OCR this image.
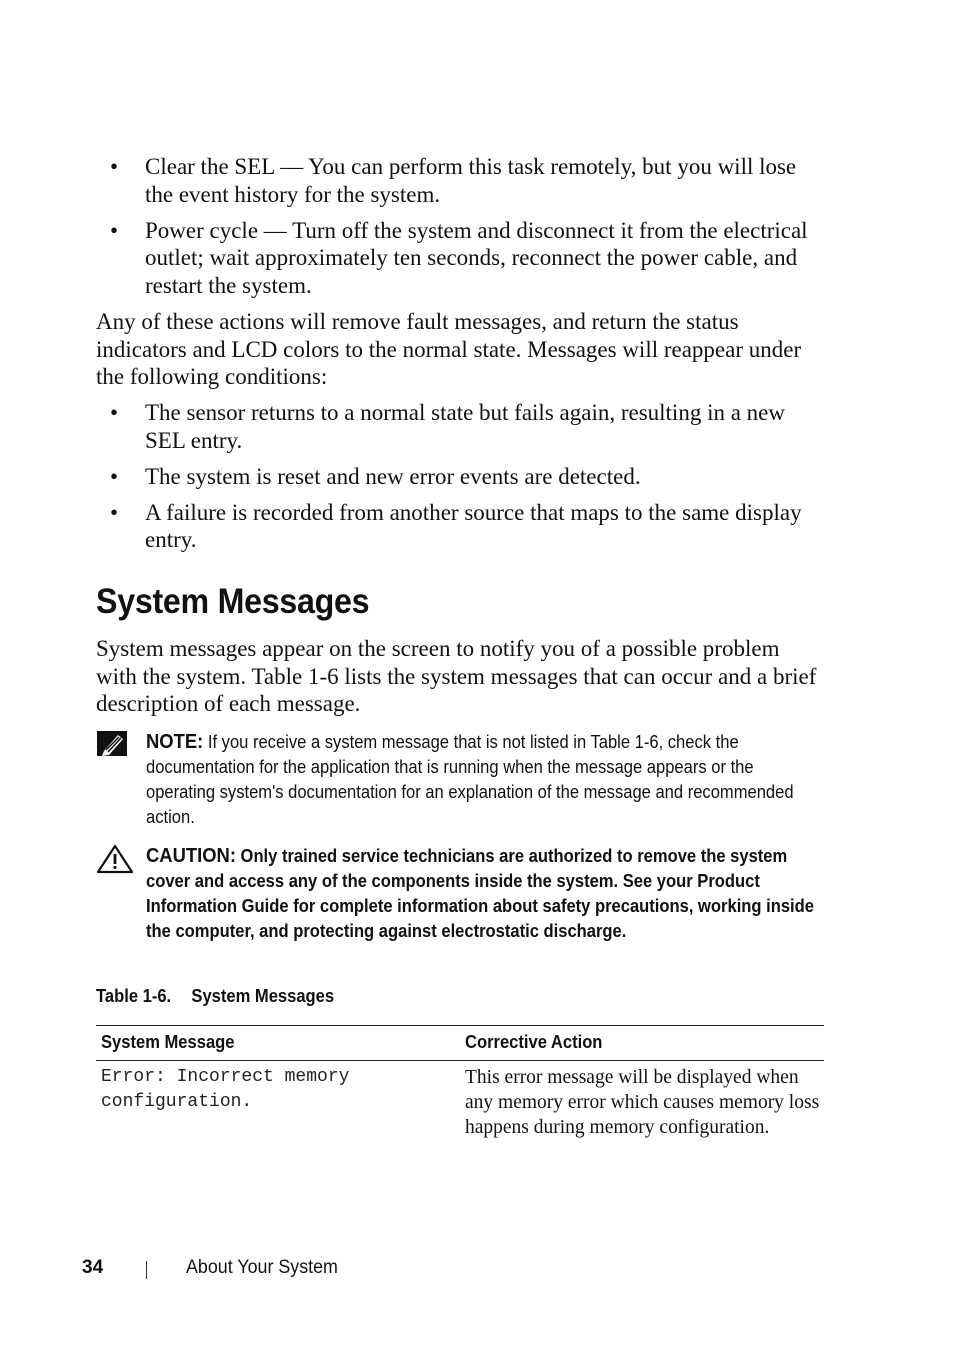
• Clear the SEL — You can perform this task remotely, but you will lose the event history for the system.
• Power cycle — Turn off the system and disconnect it from the electrical outlet; wait approximately ten seconds, reconnect the power cable, and restart the system.

Any of these actions will remove fault messages, and return the status indicators and LCD colors to the normal state. Messages will reappear under the following conditions:

• The sensor returns to a normal state but fails again, resulting in a new SEL entry.
• The system is reset and new error events are detected.
• A failure is recorded from another source that maps to the same display entry.
System Messages

System messages appear on the screen to notify you of a possible problem with the system. Table 1-6 lists the system messages that can occur and a brief description of each message.

NOTE: If you receive a system message that is not listed in Table 1-6, check the documentation for the application that is running when the message appears or the operating system's documentation for an explanation of the message and recommended action.
CAUTION: Only trained service technicians are authorized to remove the system cover and access any of the components inside the system. See your Product Information Guide for complete information about safety precautions, working inside the computer, and protecting against electrostatic discharge.
Table 1-6. System Messages
System Message	Corrective Action
Error: Incorrect memory configuration.	This error message will be displayed when any memory error which causes memory loss happens during memory configuration.
34	About Your System
